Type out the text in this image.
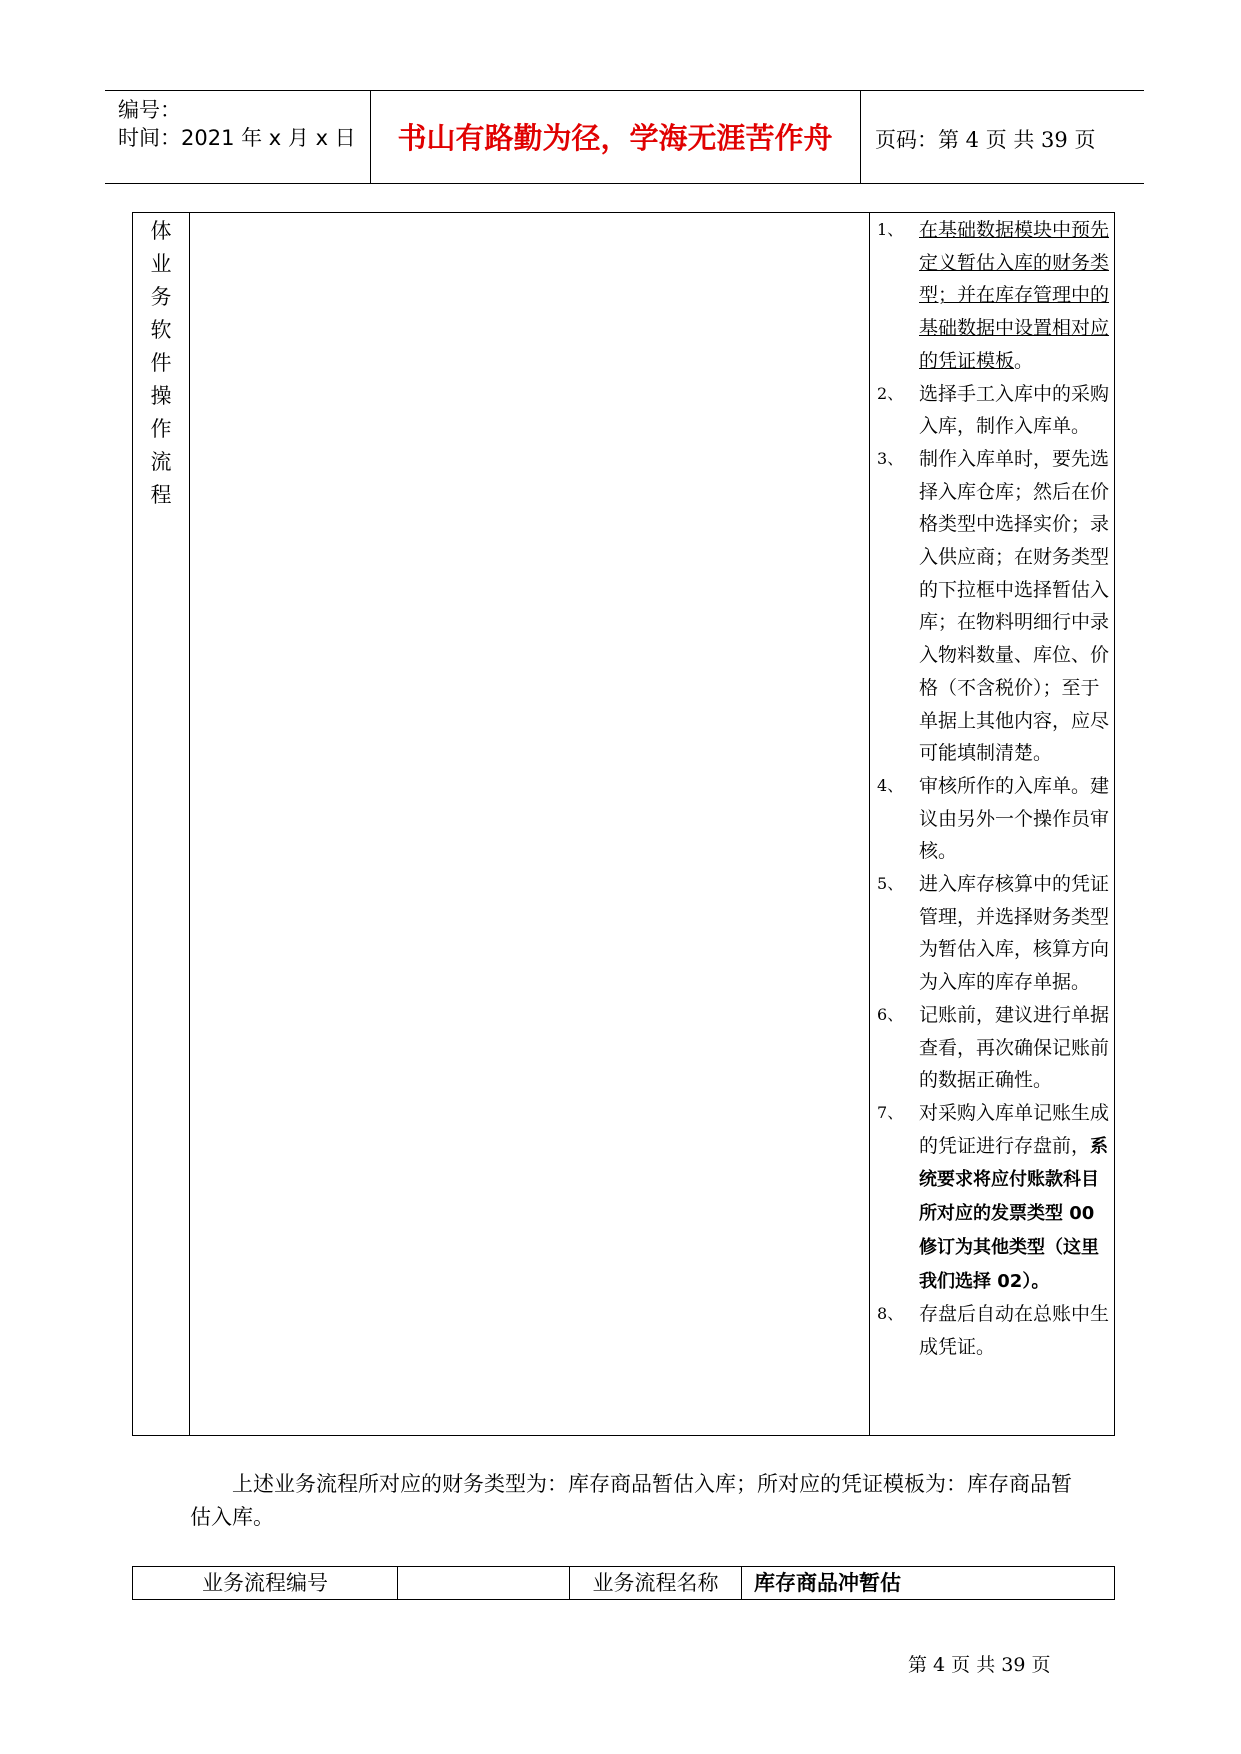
编号：
时间：2021 年 x 月 x 日	书山有路勤为径，学海无涯苦作舟	页码：第 4 页 共 39 页
体
业
务
软
件
操
作
流
程
1 、	在基础数据模块中预先定义暂估入库的财务类型；并在库存管理中的基础数据中设置相对应的凭证模板。
2 、	选择手工入库中的采购入库，制作入库单。
3 、	制作入库单时，要先选择入库仓库；然后在价格类型中选择实价；录入供应商；在财务类型的下拉框中选择暂估入库；在物料明细行中录入物料数量、库位、价格（不含税价）；至于单据上其他内容，应尽可能填制清楚。
4 、	审核所作的入库单。建议由另外一个操作员审核。
5 、	进入库存核算中的凭证管理，并选择财务类型为暂估入库，核算方向为入库的库存单据。
6 、	记账前，建议进行单据查看，再次确保记账前的数据正确性。
7 、	对采购入库单记账生成的凭证进行存盘前，系统要求将应付账款科目所对应的发票类型 00 修订为其他类型（这里我们选择 02）。
8 、	存盘后自动在总账中生成凭证。
上述业务流程所对应的财务类型为：库存商品暂估入库；所对应的凭证模板为：库存商品暂估入库。
业务流程编号	业务流程名称	库存商品冲暂估
第 4 页 共 39 页
